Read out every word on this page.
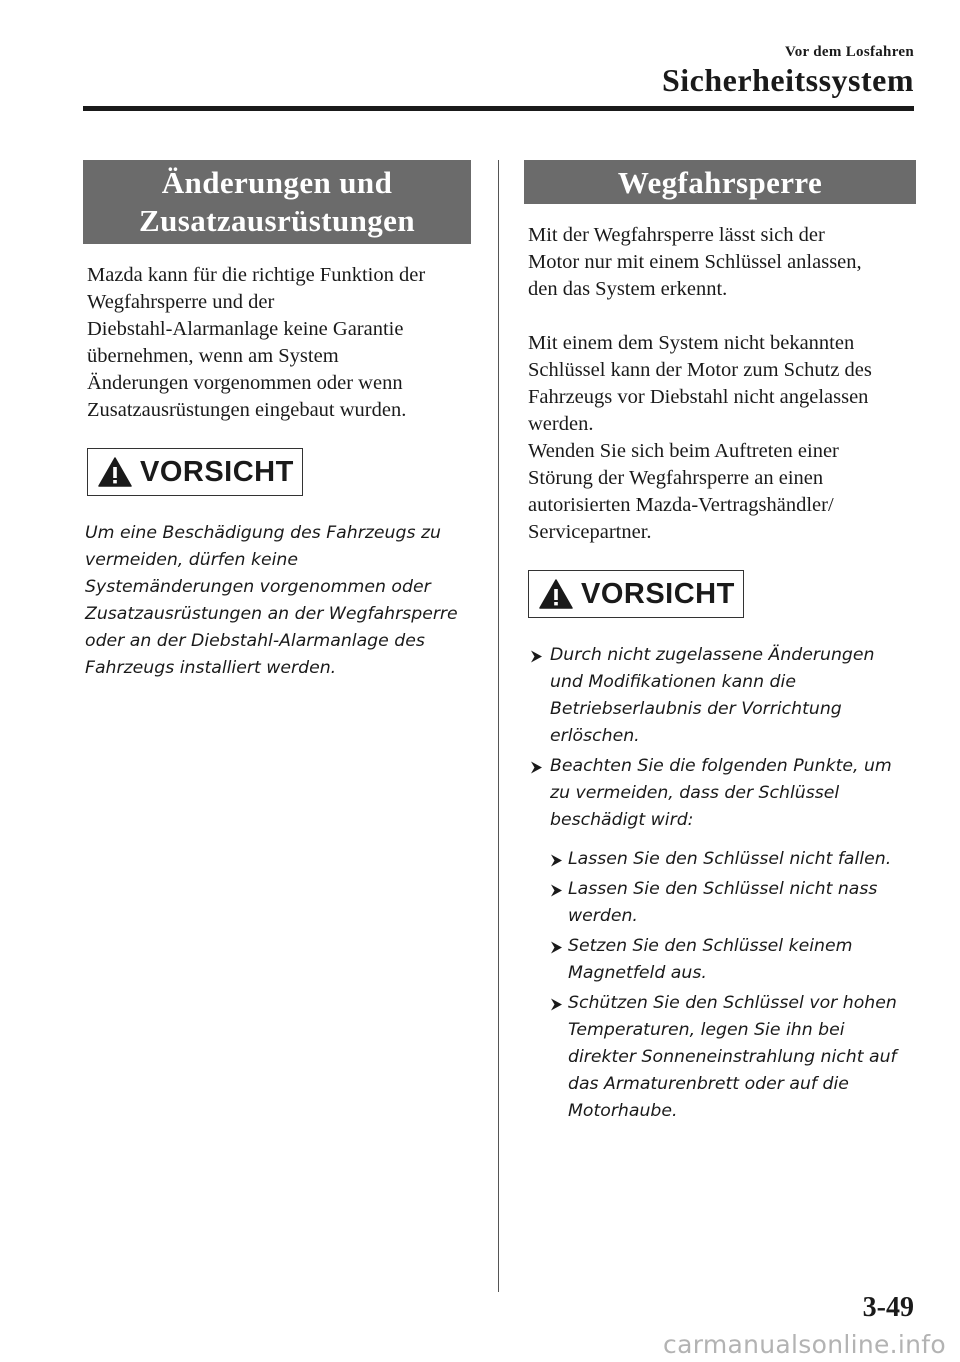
Vor dem Losfahren
Sicherheitssystem
Änderungen und
Zusatzausrüstungen
Mazda kann für die richtige Funktion der
Wegfahrsperre und der
Diebstahl-Alarmanlage keine Garantie
übernehmen, wenn am System
Änderungen vorgenommen oder wenn
Zusatzausrüstungen eingebaut wurden.
VORSICHT
Um eine Beschädigung des Fahrzeugs zu
vermeiden, dürfen keine
Systemänderungen vorgenommen oder
Zusatzausrüstungen an der Wegfahrsperre
oder an der Diebstahl-Alarmanlage des
Fahrzeugs installiert werden.
Wegfahrsperre

Mit der Wegfahrsperre lässt sich der
Motor nur mit einem Schlüssel anlassen,
den das System erkennt.

Mit einem dem System nicht bekannten
Schlüssel kann der Motor zum Schutz des
Fahrzeugs vor Diebstahl nicht angelassen
werden.
Wenden Sie sich beim Auftreten einer
Störung der Wegfahrsperre an einen
autorisierten Mazda-Vertragshändler/
Servicepartner.

VORSICHT
Durch nicht zugelassene Änderungen
und Modifikationen kann die
Betriebserlaubnis der Vorrichtung
erlöschen.
Beachten Sie die folgenden Punkte, um
zu vermeiden, dass der Schlüssel
beschädigt wird:
Lassen Sie den Schlüssel nicht fallen.
Lassen Sie den Schlüssel nicht nass
werden.
Setzen Sie den Schlüssel keinem
Magnetfeld aus.
Schützen Sie den Schlüssel vor hohen
Temperaturen, legen Sie ihn bei
direkter Sonneneinstrahlung nicht auf
das Armaturenbrett oder auf die
Motorhaube.
3-49
carmanualsonline.info
